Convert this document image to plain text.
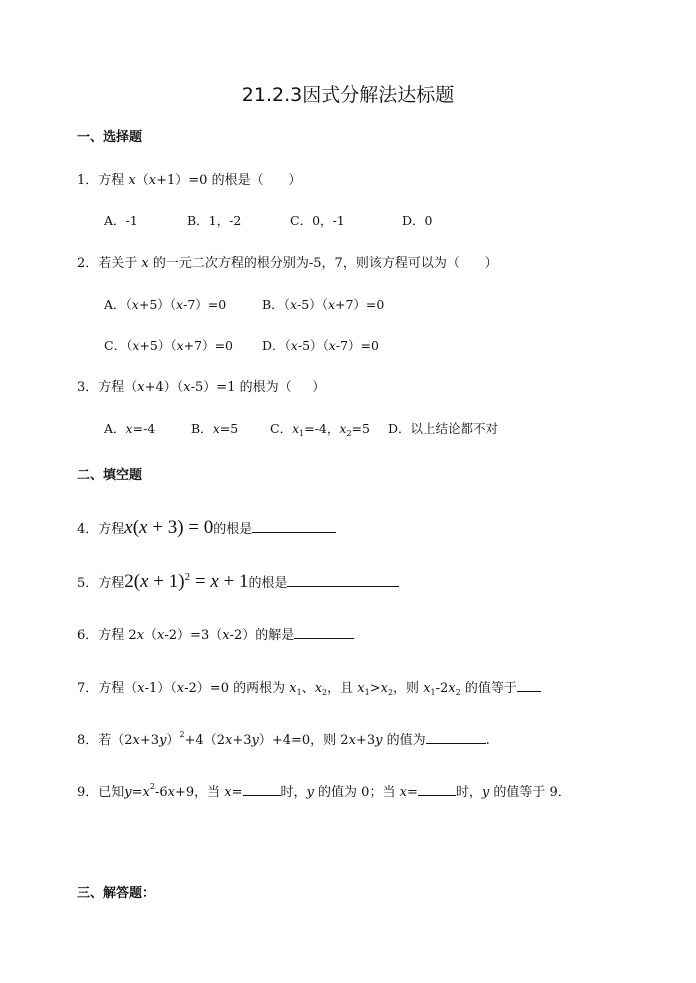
21.2.3因式分解法达标题
一、选择题
1．方程 x（x+1）=0 的根是（      ）
A．-1	B．1，-2	C．0，-1	D．0
2．若关于 x 的一元二次方程的根分别为-5，7，则该方程可以为（      ）
A．（x+5）（x-7）=0	B．（x-5）（x+7）=0
C．（x+5）（x+7）=0 D．（x-5）（x-7）=0
3．方程（x+4）（x-5）=1 的根为（     ）
A．x=-4	B．x=5	C．$x_1=-4$，$x_2=5$ D．以上结论都不对
二、填空题
4．方程x(x + 3) = 0的根是
5．方程$2(x + 1)^2 = x + 1$的根是
6．方程 2x（x-2）=3（x-2）的解是
7．方程（x-1）（x-2）=0 的两根为 $x_1$、$x_2$，且 $x_1>x_2$，则 $x_1-2x_2$ 的值等于
8．若$(2x+3y)^2+4(2x+3y)+4=0$，则 2x+3y 的值为	.
9．已知$y=x^2-6x+9$，当 x=	时，y 的值为 0；当 x=	时，y 的值等于 9．
三、解答题：
